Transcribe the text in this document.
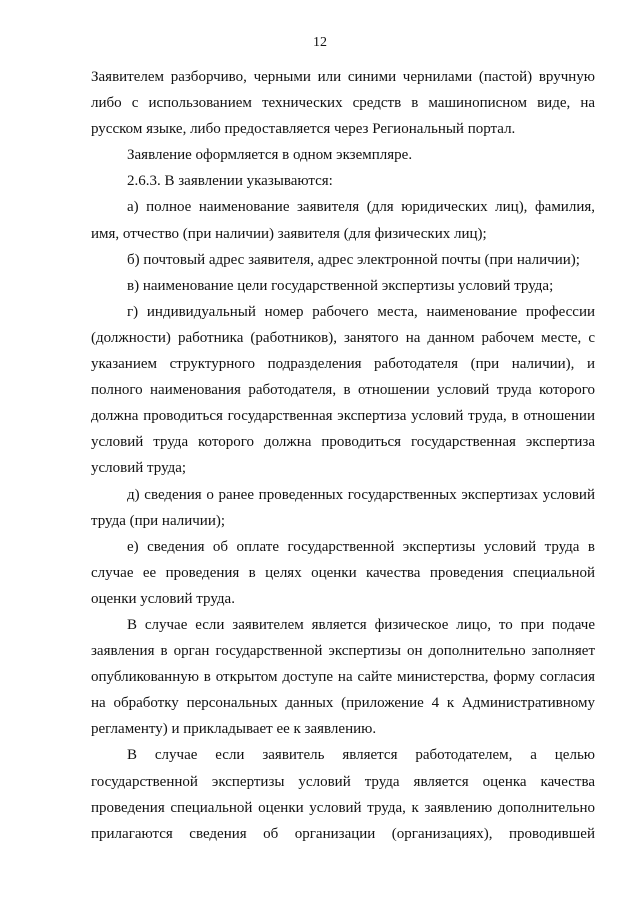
12

Заявителем разборчиво, черными или синими чернилами (пастой) вручную либо с использованием технических средств в машинописном виде, на русском языке, либо предоставляется через Региональный портал.

Заявление оформляется в одном экземпляре.

2.6.3. В заявлении указываются:

а) полное наименование заявителя (для юридических лиц), фамилия, имя, отчество (при наличии) заявителя (для физических лиц);

б) почтовый адрес заявителя, адрес электронной почты (при наличии);

в) наименование цели государственной экспертизы условий труда;

г) индивидуальный номер рабочего места, наименование профессии (должности) работника (работников), занятого на данном рабочем месте, с указанием структурного подразделения работодателя (при наличии), и полного наименования работодателя, в отношении условий труда которого должна проводиться государственная экспертиза условий труда, в отношении условий труда которого должна проводиться государственная экспертиза условий труда;

д) сведения о ранее проведенных государственных экспертизах условий труда (при наличии);

е) сведения об оплате государственной экспертизы условий труда в случае ее проведения в целях оценки качества проведения специальной оценки условий труда.

В случае если заявителем является физическое лицо, то при подаче заявления в орган государственной экспертизы он дополнительно заполняет опубликованную в открытом доступе на сайте министерства, форму согласия на обработку персональных данных (приложение 4 к Административному регламенту) и прикладывает ее к заявлению.

В случае если заявитель является работодателем, а целью государственной экспертизы условий труда является оценка качества проведения специальной оценки условий труда, к заявлению дополнительно прилагаются сведения об организации (организациях), проводившей
